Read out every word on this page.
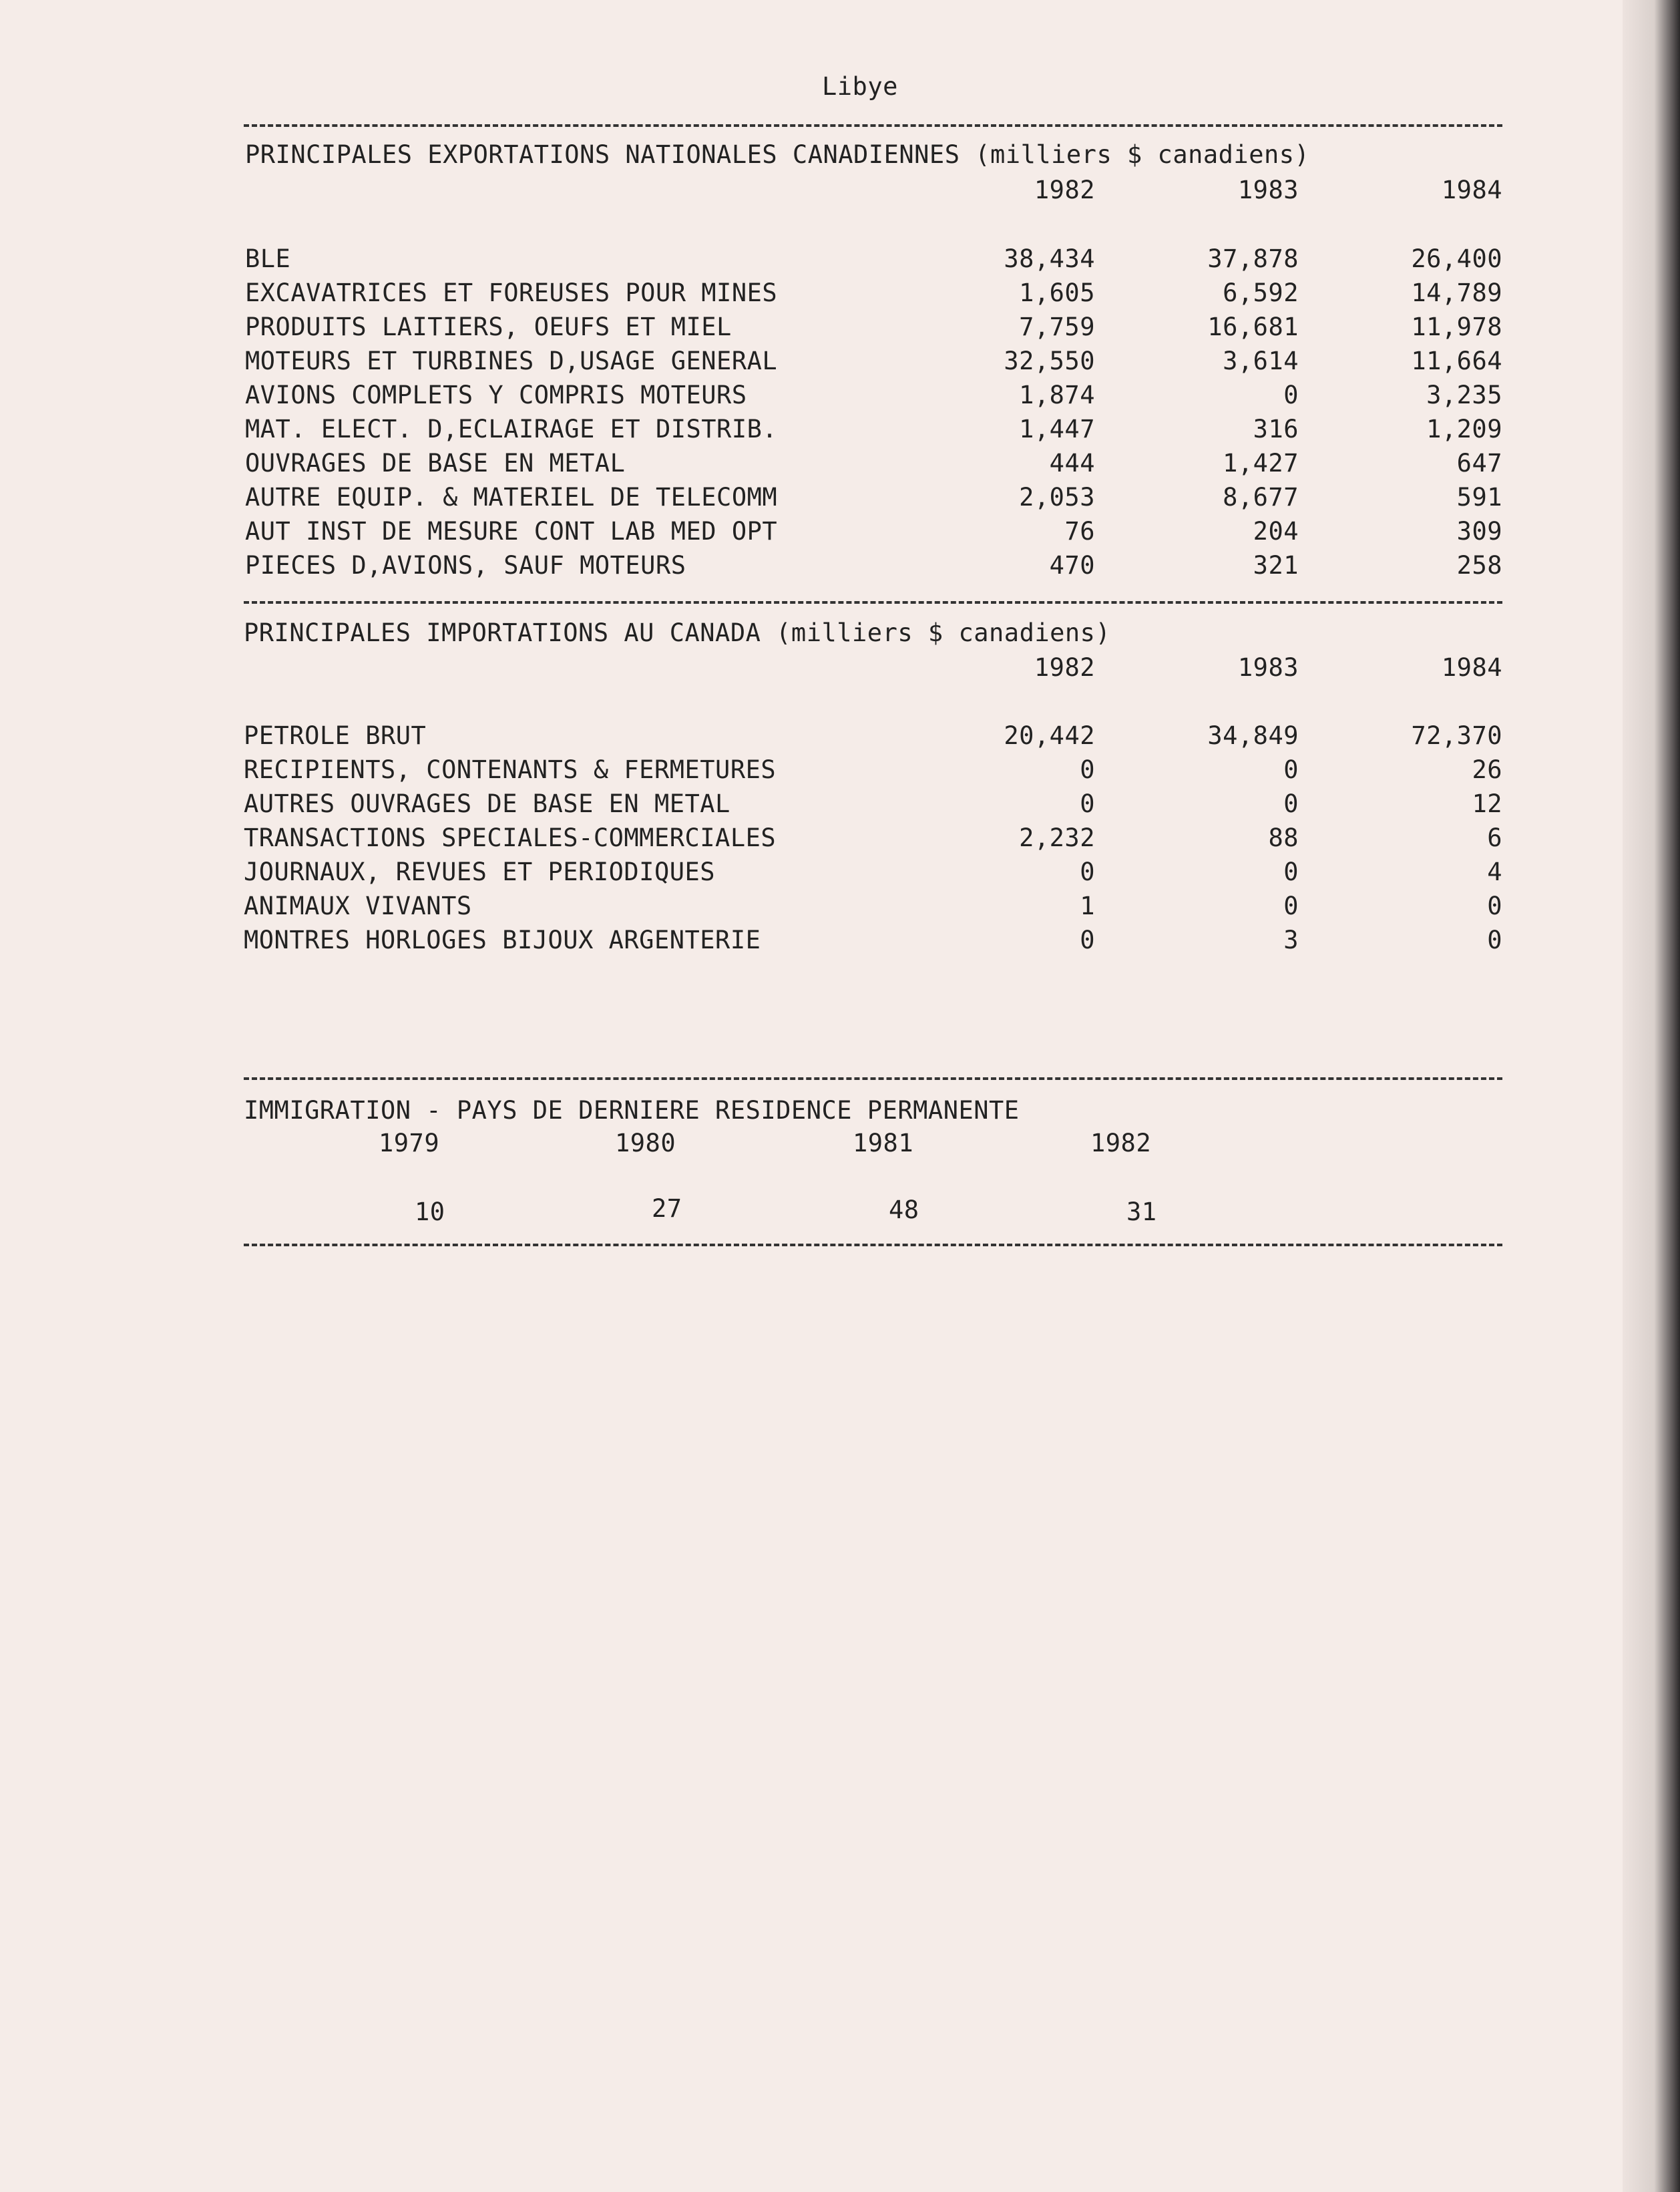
Libye
PRINCIPALES EXPORTATIONS NATIONALES CANADIENNES (milliers $ canadiens)
1982	1983	1984
BLE	38,434	37,878	26,400
EXCAVATRICES ET FOREUSES POUR MINES	1,605	6,592	14,789
PRODUITS LAITIERS, OEUFS ET MIEL	7,759	16,681	11,978
MOTEURS ET TURBINES D,USAGE GENERAL	32,550	3,614	11,664
AVIONS COMPLETS Y COMPRIS MOTEURS	1,874	0	3,235
MAT. ELECT. D,ECLAIRAGE ET DISTRIB.	1,447	316	1,209
OUVRAGES DE BASE EN METAL	444	1,427	647
AUTRE EQUIP. & MATERIEL DE TELECOMM	2,053	8,677	591
AUT INST DE MESURE CONT LAB MED OPT	76	204	309
PIECES D,AVIONS, SAUF MOTEURS	470	321	258
PRINCIPALES IMPORTATIONS AU CANADA (milliers $ canadiens)
1982	1983	1984
PETROLE BRUT	20,442	34,849	72,370
RECIPIENTS, CONTENANTS & FERMETURES	0	0	26
AUTRES OUVRAGES DE BASE EN METAL	0	0	12
TRANSACTIONS SPECIALES-COMMERCIALES	2,232	88	6
JOURNAUX, REVUES ET PERIODIQUES	0	0	4
ANIMAUX VIVANTS	1	0	0
MONTRES HORLOGES BIJOUX ARGENTERIE	0	3	0
IMMIGRATION - PAYS DE DERNIERE RESIDENCE PERMANENTE
1979	1980	1981	1982
10	27	48	31
